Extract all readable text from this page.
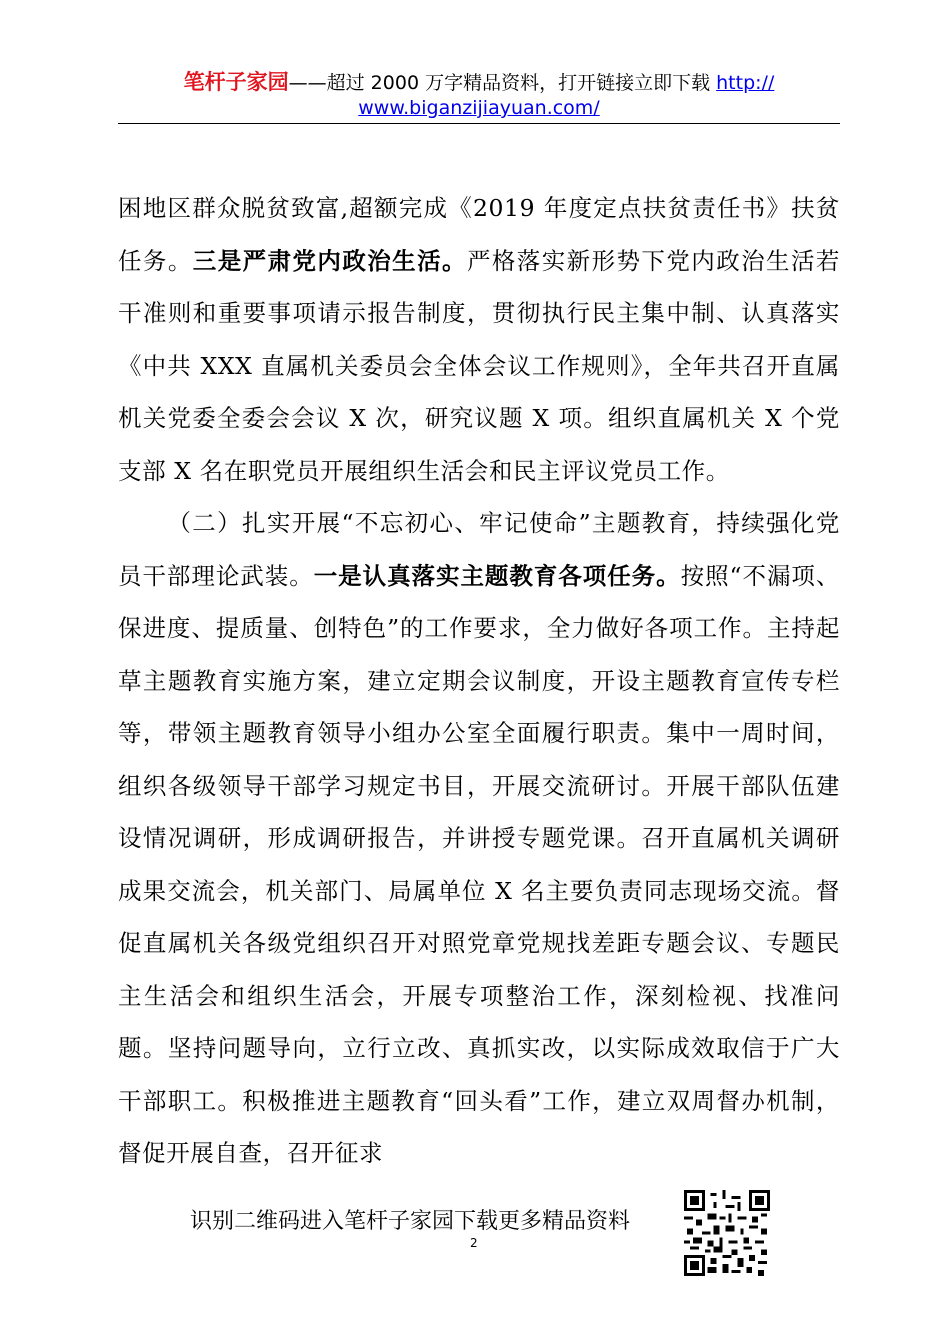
笔杆子家园——超过 2000 万字精品资料，打开链接立即下载 http://
www.biganzijiayuan.com/

困地区群众脱贫致富,超额完成《2019 年度定点扶贫责任书》扶贫任务。三是严肃党内政治生活。严格落实新形势下党内政治生活若干准则和重要事项请示报告制度，贯彻执行民主集中制、认真落实《中共 XXX 直属机关委员会全体会议工作规则》，全年共召开直属机关党委全委会会议 X 次，研究议题 X 项。组织直属机关 X 个党支部 X 名在职党员开展组织生活会和民主评议党员工作。

（二）扎实开展“不忘初心、牢记使命”主题教育，持续强化党员干部理论武装。一是认真落实主题教育各项任务。按照“不漏项、保进度、提质量、创特色”的工作要求，全力做好各项工作。主持起草主题教育实施方案，建立定期会议制度，开设主题教育宣传专栏等，带领主题教育领导小组办公室全面履行职责。集中一周时间，组织各级领导干部学习规定书目，开展交流研讨。开展干部队伍建设情况调研，形成调研报告，并讲授专题党课。召开直属机关调研成果交流会，机关部门、局属单位 X 名主要负责同志现场交流。督促直属机关各级党组织召开对照党章党规找差距专题会议、专题民主生活会和组织生活会，开展专项整治工作，深刻检视、找准问题。坚持问题导向，立行立改、真抓实改，以实际成效取信于广大干部职工。积极推进主题教育“回头看”工作，建立双周督办机制，督促开展自查，召开征求

识别二维码进入笔杆子家园下载更多精品资料
2
